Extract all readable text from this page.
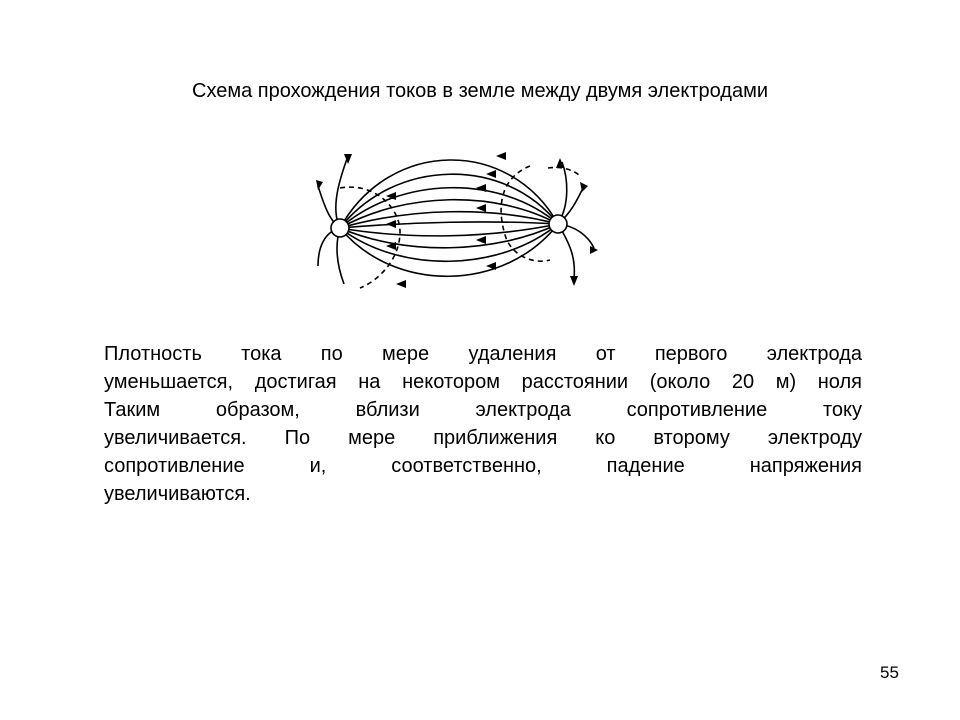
Схема прохождения токов в земле между двумя электродами

Плотность тока по мере удаления от первого электрода
уменьшается, достигая на некотором расстоянии (около 20 м) ноля
Таким образом, вблизи электрода сопротивление току
увеличивается. По мере приближения ко второму электроду
сопротивление и, соответственно, падение напряжения
увеличиваются.

55
